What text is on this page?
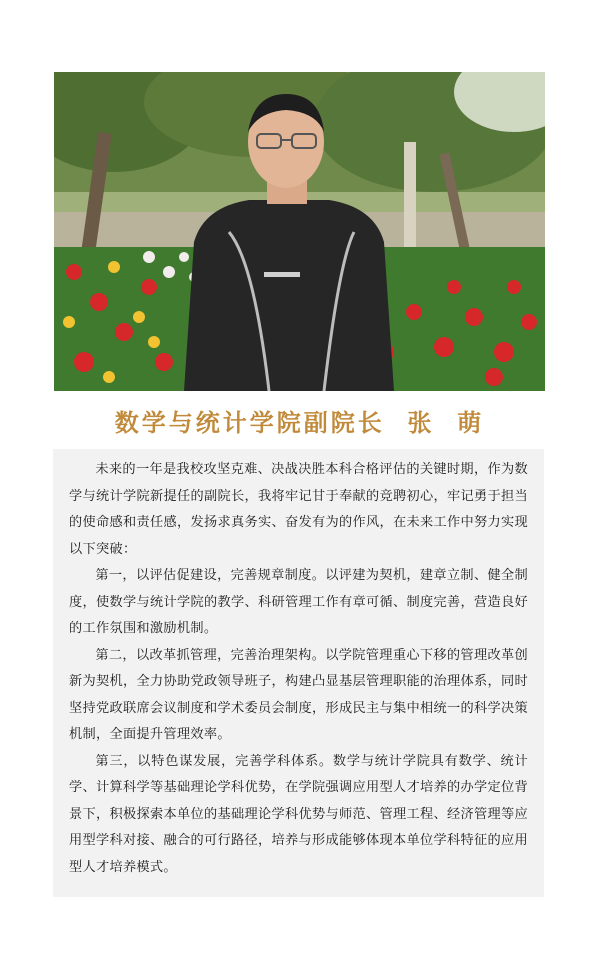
数学与统计学院副院长  张  萌

未来的一年是我校攻坚克难、决战决胜本科合格评估的关键时期，作为数学与统计学院新提任的副院长，我将牢记甘于奉献的竞聘初心，牢记勇于担当的使命感和责任感，发扬求真务实、奋发有为的作风，在未来工作中努力实现以下突破：

第一，以评估促建设，完善规章制度。以评建为契机，建章立制、健全制度，使数学与统计学院的教学、科研管理工作有章可循、制度完善，营造良好的工作氛围和激励机制。

第二，以改革抓管理，完善治理架构。以学院管理重心下移的管理改革创新为契机，全力协助党政领导班子，构建凸显基层管理职能的治理体系，同时坚持党政联席会议制度和学术委员会制度，形成民主与集中相统一的科学决策机制，全面提升管理效率。

第三，以特色谋发展，完善学科体系。数学与统计学院具有数学、统计学、计算科学等基础理论学科优势，在学院强调应用型人才培养的办学定位背景下，积极探索本单位的基础理论学科优势与师范、管理工程、经济管理等应用型学科对接、融合的可行路径，培养与形成能够体现本单位学科特征的应用型人才培养模式。
